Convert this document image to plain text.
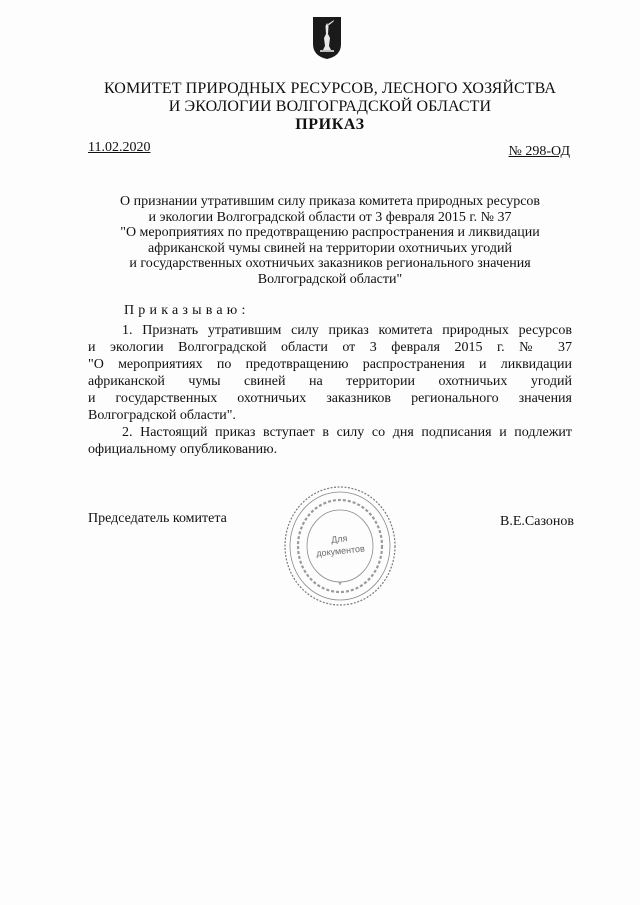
КОМИТЕТ ПРИРОДНЫХ РЕСУРСОВ, ЛЕСНОГО ХОЗЯЙСТВА
И ЭКОЛОГИИ ВОЛГОГРАДСКОЙ ОБЛАСТИ
ПРИКАЗ
11.02.2020	№ 298-ОД
О признании утратившим силу приказа комитета природных ресурсов
и экологии Волгоградской области от 3 февраля 2015 г. № 37
"О мероприятиях по предотвращению распространения и ликвидации
африканской чумы свиней на территории охотничьих угодий
и государственных охотничьих заказников регионального значения
Волгоградской области"
Приказываю:
1. Признать утратившим силу приказ комитета природных ресурсов
и экологии Волгоградской области от 3 февраля 2015 г. № 37
"О мероприятиях по предотвращению распространения и ликвидации
африканской чумы свиней на территории охотничьих угодий
и государственных охотничьих заказников регионального значения
Волгоградской области".
2. Настоящий приказ вступает в силу со дня подписания и подлежит
официальному опубликованию.
Председатель комитета	В.Е.Сазонов
Для
документов
*
